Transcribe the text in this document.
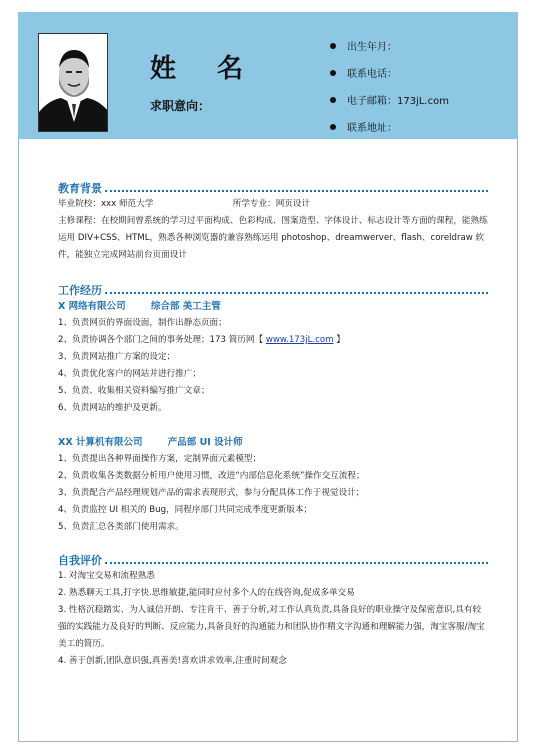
姓 名
求职意向：
出生年月：
联系电话：
电子邮箱：173jL.com
联系地址：
教育背景
毕业院校：xxx 师范大学	所学专业：网页设计
主修课程：在校期间曾系统的学习过平面构成、色彩构成、图案造型、字体设计、标志设计等方面的课程，能熟练运用 DIV+CSS、HTML，熟悉各种浏览器的兼容熟练运用 photoshop、dreamwerver、flash、coreldraw 软件，能独立完成网站前台页面设计
工作经历
X 网络有限公司	综合部 美工主管
1、负责网页的界面设面，制作出静态页面；
2、负责协调各个部门之间的事务处理；173 简历网【 www.173jL.com 】
3、负责网站推广方案的设定；
4、负责优化客户的网站并进行推广；
5、负责、收集相关资料编写推广文章；
6、负责网站的维护及更新。
XX 计算机有限公司	产品部 UI 设计师
1、负责提出各种界面操作方案，定制界面元素模型；
2、负责收集各类数据分析用户使用习惯，改进“内部信息化系统”操作交互流程；
3、负责配合产品经理规划产品的需求表现形式，参与分配具体工作于视觉设计；
4、负责监控 UI 相关的 Bug，同程序部门共同完成季度更新版本；
5、负责汇总各类部门使用需求。
自我评价
1. 对淘宝交易和流程熟悉
2. 熟悉聊天工具,打字快.思维敏捷,能同时应付多个人的在线咨询,促成多单交易
3. 性格沉稳踏实、为人诚信开朗、专注肯干、善于分析,对工作认真负责,具备良好的职业操守及保密意识,具有较强的实践能力及良好的判断、反应能力,具备良好的沟通能力和团队协作精文字沟通和理解能力强，淘宝客服/淘宝美工的简历。
4. 善于创新,团队意识强,真善美!喜欢讲求效率,注重时间观念
